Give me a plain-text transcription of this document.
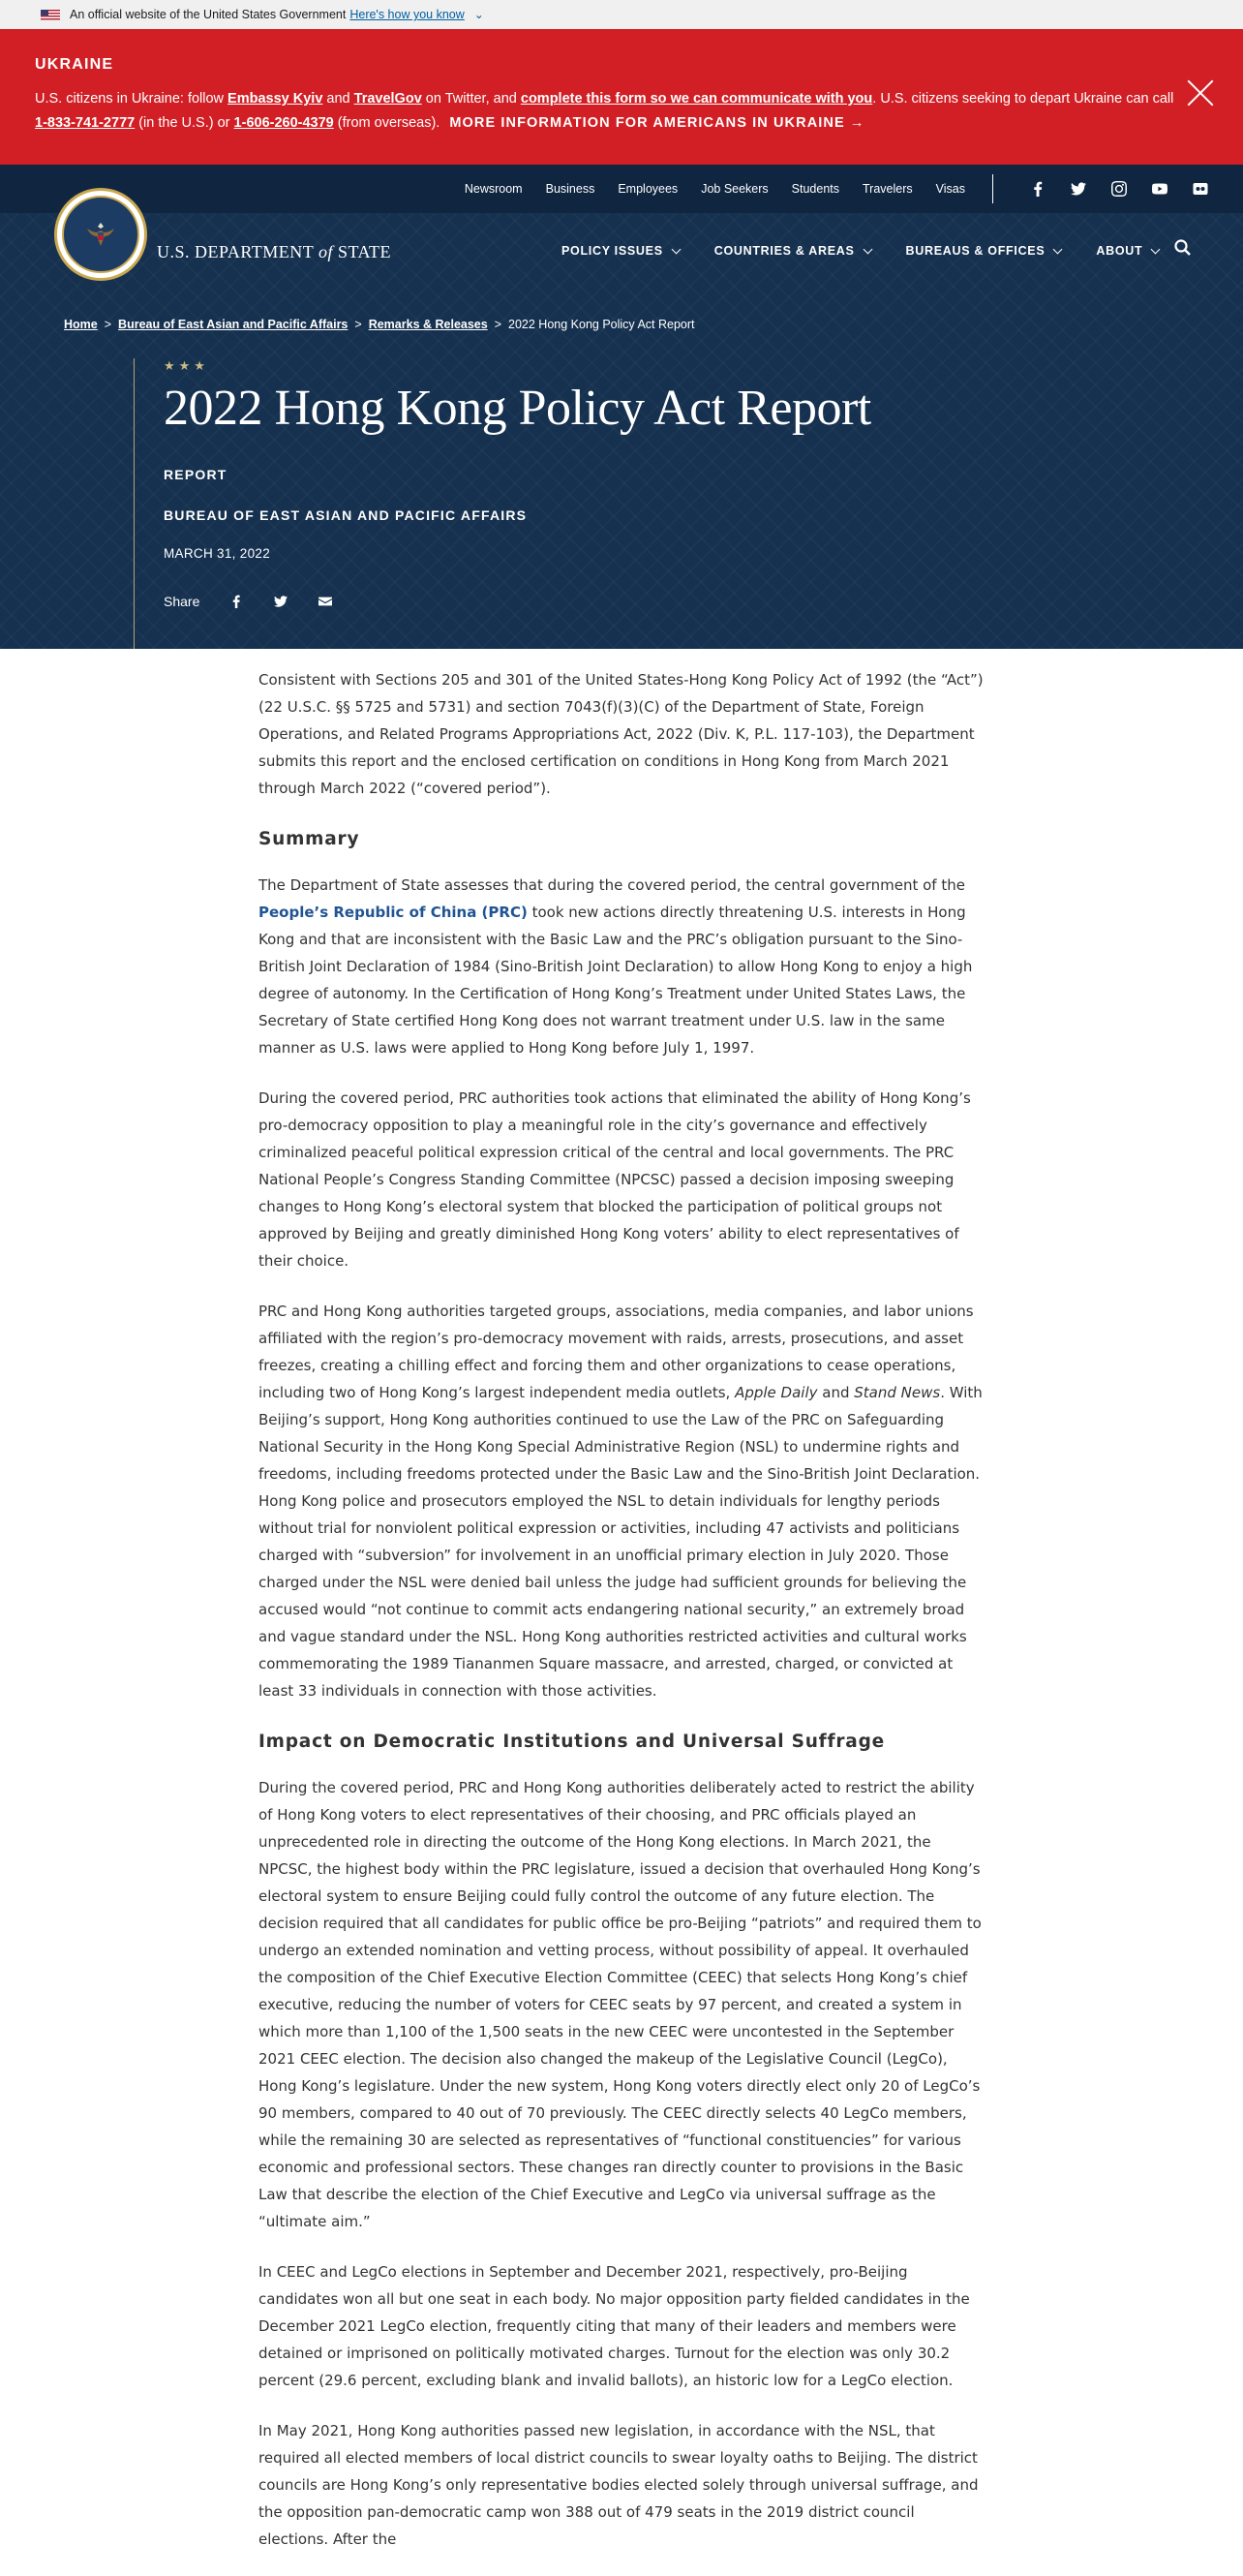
An official website of the United States Government Here's how you know ⌄
UKRAINE
U.S. citizens in Ukraine: follow Embassy Kyiv and TravelGov on Twitter, and complete this form so we can communicate with you. U.S. citizens seeking to depart Ukraine can call 1-833-741-2777 (in the U.S.) or 1-606-260-4379 (from overseas). MORE INFORMATION FOR AMERICANS IN UKRAINE →
Newsroom Business Employees Job Seekers Students Travelers Visas
U.S. DEPARTMENT of STATE	POLICY ISSUES	COUNTRIES & AREAS	BUREAUS & OFFICES	ABOUT
Home > Bureau of East Asian and Pacific Affairs > Remarks & Releases > 2022 Hong Kong Policy Act Report
★★★
2022 Hong Kong Policy Act Report
REPORT
BUREAU OF EAST ASIAN AND PACIFIC AFFAIRS
MARCH 31, 2022
Share

Consistent with Sections 205 and 301 of the United States-Hong Kong Policy Act of 1992 (the “Act”) (22 U.S.C. §§ 5725 and 5731) and section 7043(f)(3)(C) of the Department of State, Foreign Operations, and Related Programs Appropriations Act, 2022 (Div. K, P.L. 117-103), the Department submits this report and the enclosed certification on conditions in Hong Kong from March 2021 through March 2022 (“covered period”).

Summary

The Department of State assesses that during the covered period, the central government of the People’s Republic of China (PRC) took new actions directly threatening U.S. interests in Hong Kong and that are inconsistent with the Basic Law and the PRC’s obligation pursuant to the Sino-British Joint Declaration of 1984 (Sino-British Joint Declaration) to allow Hong Kong to enjoy a high degree of autonomy. In the Certification of Hong Kong’s Treatment under United States Laws, the Secretary of State certified Hong Kong does not warrant treatment under U.S. law in the same manner as U.S. laws were applied to Hong Kong before July 1, 1997.

During the covered period, PRC authorities took actions that eliminated the ability of Hong Kong’s pro-democracy opposition to play a meaningful role in the city’s governance and effectively criminalized peaceful political expression critical of the central and local governments. The PRC National People’s Congress Standing Committee (NPCSC) passed a decision imposing sweeping changes to Hong Kong’s electoral system that blocked the participation of political groups not approved by Beijing and greatly diminished Hong Kong voters’ ability to elect representatives of their choice.

PRC and Hong Kong authorities targeted groups, associations, media companies, and labor unions affiliated with the region’s pro-democracy movement with raids, arrests, prosecutions, and asset freezes, creating a chilling effect and forcing them and other organizations to cease operations, including two of Hong Kong’s largest independent media outlets, Apple Daily and Stand News. With Beijing’s support, Hong Kong authorities continued to use the Law of the PRC on Safeguarding National Security in the Hong Kong Special Administrative Region (NSL) to undermine rights and freedoms, including freedoms protected under the Basic Law and the Sino-British Joint Declaration. Hong Kong police and prosecutors employed the NSL to detain individuals for lengthy periods without trial for nonviolent political expression or activities, including 47 activists and politicians charged with “subversion” for involvement in an unofficial primary election in July 2020. Those charged under the NSL were denied bail unless the judge had sufficient grounds for believing the accused would “not continue to commit acts endangering national security,” an extremely broad and vague standard under the NSL. Hong Kong authorities restricted activities and cultural works commemorating the 1989 Tiananmen Square massacre, and arrested, charged, or convicted at least 33 individuals in connection with those activities.

Impact on Democratic Institutions and Universal Suffrage

During the covered period, PRC and Hong Kong authorities deliberately acted to restrict the ability of Hong Kong voters to elect representatives of their choosing, and PRC officials played an unprecedented role in directing the outcome of the Hong Kong elections. In March 2021, the NPCSC, the highest body within the PRC legislature, issued a decision that overhauled Hong Kong’s electoral system to ensure Beijing could fully control the outcome of any future election. The decision required that all candidates for public office be pro-Beijing “patriots” and required them to undergo an extended nomination and vetting process, without possibility of appeal. It overhauled the composition of the Chief Executive Election Committee (CEEC) that selects Hong Kong’s chief executive, reducing the number of voters for CEEC seats by 97 percent, and created a system in which more than 1,100 of the 1,500 seats in the new CEEC were uncontested in the September 2021 CEEC election. The decision also changed the makeup of the Legislative Council (LegCo), Hong Kong’s legislature. Under the new system, Hong Kong voters directly elect only 20 of LegCo’s 90 members, compared to 40 out of 70 previously. The CEEC directly selects 40 LegCo members, while the remaining 30 are selected as representatives of “functional constituencies” for various economic and professional sectors. These changes ran directly counter to provisions in the Basic Law that describe the election of the Chief Executive and LegCo via universal suffrage as the “ultimate aim.”

In CEEC and LegCo elections in September and December 2021, respectively, pro-Beijing candidates won all but one seat in each body. No major opposition party fielded candidates in the December 2021 LegCo election, frequently citing that many of their leaders and members were detained or imprisoned on politically motivated charges. Turnout for the election was only 30.2 percent (29.6 percent, excluding blank and invalid ballots), an historic low for a LegCo election.

In May 2021, Hong Kong authorities passed new legislation, in accordance with the NSL, that required all elected members of local district councils to swear loyalty oaths to Beijing. The district councils are Hong Kong’s only representative bodies elected solely through universal suffrage, and the opposition pan-democratic camp won 388 out of 479 seats in the 2019 district council elections. After the
